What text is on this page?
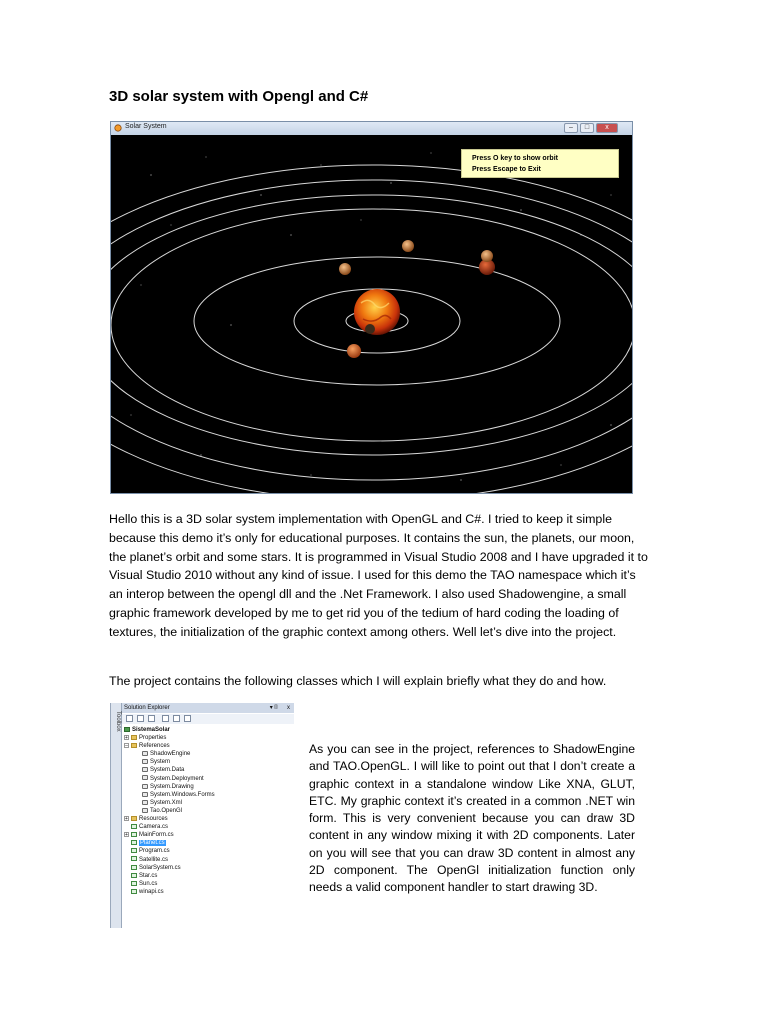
3D solar system with Opengl and C#
Solar System	–	□	x
Press O key to show orbit
Press Escape to Exit
Hello this is a 3D solar system implementation with OpenGL and C#. I tried to keep it simple because this demo it’s only for educational purposes. It contains the sun, the planets, our moon, the planet’s orbit and some stars. It is programmed in Visual Studio 2008 and I have upgraded it to Visual Studio 2010 without any kind of issue. I used for this demo the TAO namespace which it’s an interop between the opengl dll and the .Net Framework. I also used Shadowengine, a small graphic framework developed by me to get rid you of the tedium of hard coding the loading of textures, the initialization of the graphic context among others. Well let’s dive into the project.
The project contains the following classes which I will explain briefly what they do and how.
Toolbox
Solution Explorer	▾ ⌷ x
SistemaSolar
+ Properties
– References
ShadowEngine
System
System.Data
System.Deployment
System.Drawing
System.Windows.Forms
System.Xml
Tao.OpenGl
+ Resources
Camera.cs
+ MainForm.cs
Planet.cs
Program.cs
Satellite.cs
SolarSystem.cs
Star.cs
Sun.cs
winapi.cs
As you can see in the project, references to ShadowEngine and TAO.OpenGL. I will like to point out that I don’t create a graphic context in a standalone window Like XNA, GLUT, ETC. My graphic context it’s created in a common .NET win form. This is very convenient because you can draw 3D content in any window mixing it with 2D components. Later on you will see that you can draw 3D content in almost any 2D component. The OpenGl initialization function only needs a valid component handler to start drawing 3D.
